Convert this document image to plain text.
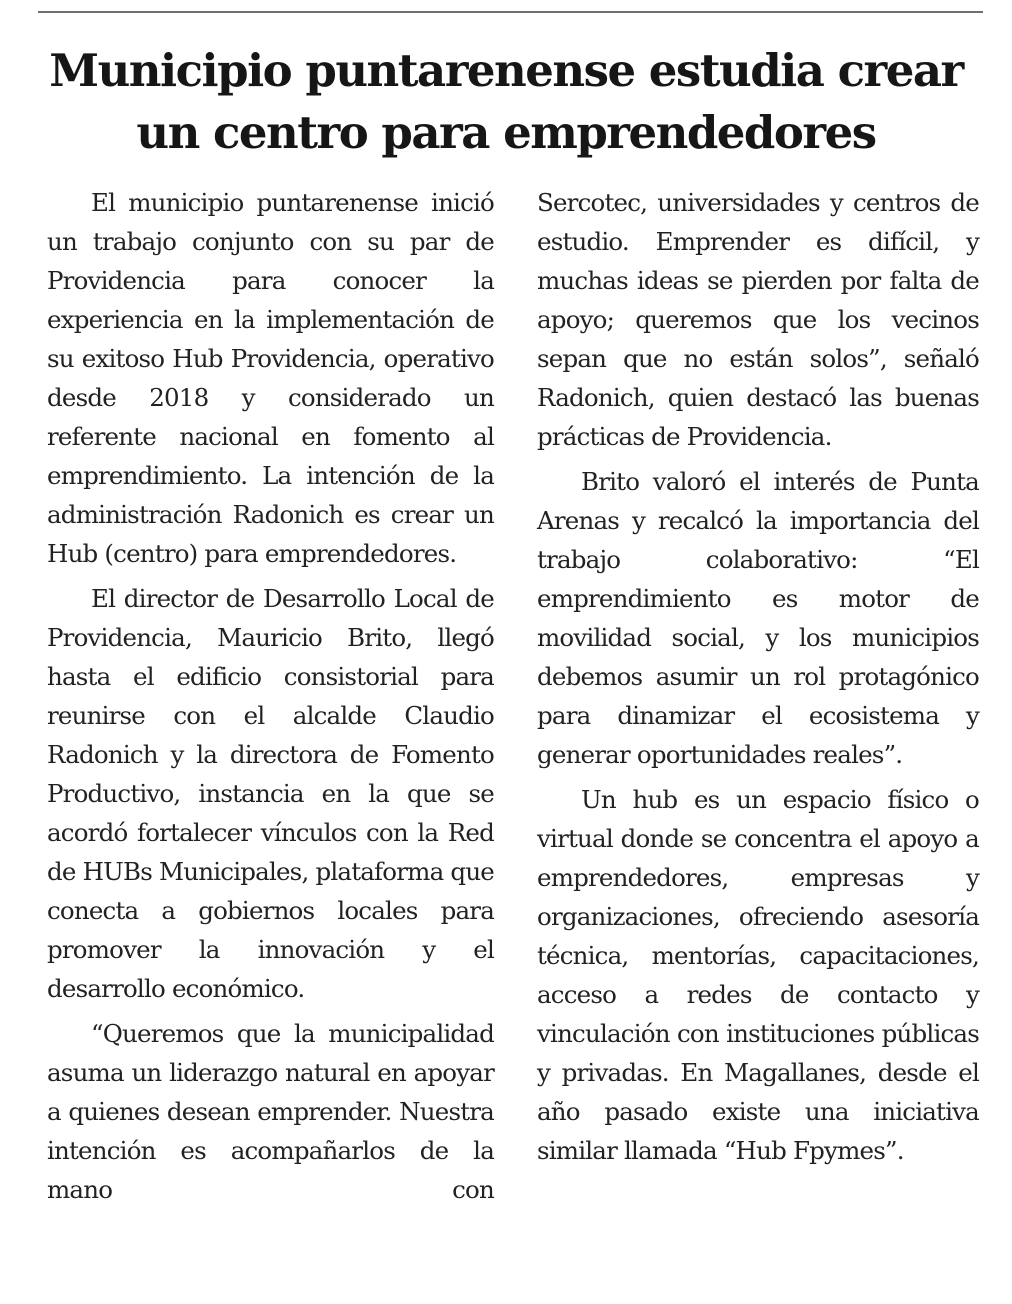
Municipio puntarenense estudia crear un centro para emprendedores

El municipio puntarenense inició un trabajo conjunto con su par de Providencia para conocer la experiencia en la implementación de su exitoso Hub Providencia, operativo desde 2018 y considerado un referente nacional en fomento al emprendimiento. La intención de la administración Radonich es crear un Hub (centro) para emprendedores.

El director de Desarrollo Local de Providencia, Mauricio Brito, llegó hasta el edificio consistorial para reunirse con el alcalde Claudio Radonich y la directora de Fomento Productivo, instancia en la que se acordó fortalecer vínculos con la Red de HUBs Municipales, plataforma que conecta a gobiernos locales para promover la innovación y el desarrollo económico.

“Queremos que la municipalidad asuma un liderazgo natural en apoyar a quienes desean emprender. Nuestra intención es acompañarlos de la mano con

Sercotec, universidades y centros de estudio. Emprender es difícil, y muchas ideas se pierden por falta de apoyo; queremos que los vecinos sepan que no están solos”, señaló Radonich, quien destacó las buenas prácticas de Providencia.

Brito valoró el interés de Punta Arenas y recalcó la importancia del trabajo colaborativo: “El emprendimiento es motor de movilidad social, y los municipios debemos asumir un rol protagónico para dinamizar el ecosistema y generar oportunidades reales”.

Un hub es un espacio físico o virtual donde se concentra el apoyo a emprendedores, empresas y organizaciones, ofreciendo asesoría técnica, mentorías, capacitaciones, acceso a redes de contacto y vinculación con instituciones públicas y privadas. En Magallanes, desde el año pasado existe una iniciativa similar llamada “Hub Fpymes”.
